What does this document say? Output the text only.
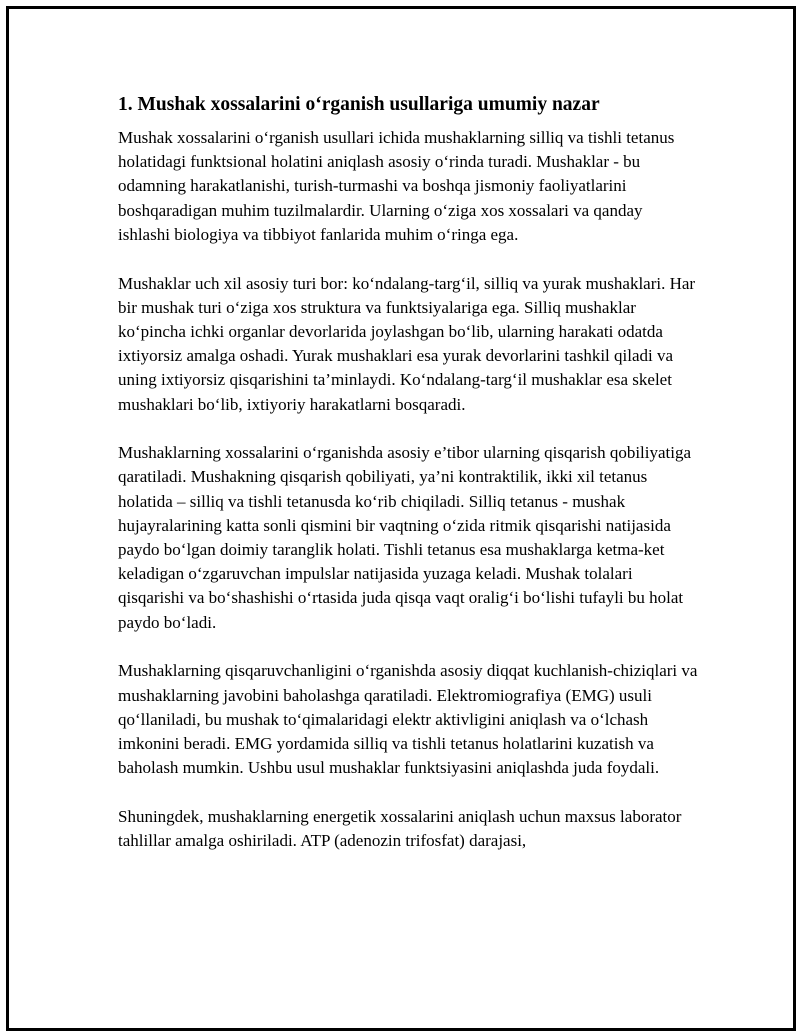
1. Mushak xossalarini o‘rganish usullariga umumiy nazar

Mushak xossalarini o‘rganish usullari ichida mushaklarning silliq va tishli tetanus holatidagi funktsional holatini aniqlash asosiy o‘rinda turadi. Mushaklar - bu odamning harakatlanishi, turish-turmashi va boshqa jismoniy faoliyatlarini boshqaradigan muhim tuzilmalardir. Ularning o‘ziga xos xossalari va qanday ishlashi biologiya va tibbiyot fanlarida muhim o‘ringa ega.

Mushaklar uch xil asosiy turi bor: ko‘ndalang-targ‘il, silliq va yurak mushaklari. Har bir mushak turi o‘ziga xos struktura va funktsiyalariga ega. Silliq mushaklar ko‘pincha ichki organlar devorlarida joylashgan bo‘lib, ularning harakati odatda ixtiyorsiz amalga oshadi. Yurak mushaklari esa yurak devorlarini tashkil qiladi va uning ixtiyorsiz qisqarishini ta’minlaydi. Ko‘ndalang-targ‘il mushaklar esa skelet mushaklari bo‘lib, ixtiyoriy harakatlarni bosqaradi.

Mushaklarning xossalarini o‘rganishda asosiy e’tibor ularning qisqarish qobiliyatiga qaratiladi. Mushakning qisqarish qobiliyati, ya’ni kontraktilik, ikki xil tetanus holatida – silliq va tishli tetanusda ko‘rib chiqiladi. Silliq tetanus - mushak hujayralarining katta sonli qismini bir vaqtning o‘zida ritmik qisqarishi natijasida paydo bo‘lgan doimiy taranglik holati. Tishli tetanus esa mushaklarga ketma-ket keladigan o‘zgaruvchan impulslar natijasida yuzaga keladi. Mushak tolalari qisqarishi va bo‘shashishi o‘rtasida juda qisqa vaqt oralig‘i bo‘lishi tufayli bu holat paydo bo‘ladi.

Mushaklarning qisqaruvchanligini o‘rganishda asosiy diqqat kuchlanish-chiziqlari va mushaklarning javobini baholashga qaratiladi. Elektromiografiya (EMG) usuli qo‘llaniladi, bu mushak to‘qimalaridagi elektr aktivligini aniqlash va o‘lchash imkonini beradi. EMG yordamida silliq va tishli tetanus holatlarini kuzatish va baholash mumkin. Ushbu usul mushaklar funktsiyasini aniqlashda juda foydali.

Shuningdek, mushaklarning energetik xossalarini aniqlash uchun maxsus laborator tahlillar amalga oshiriladi. ATP (adenozin trifosfat) darajasi,
